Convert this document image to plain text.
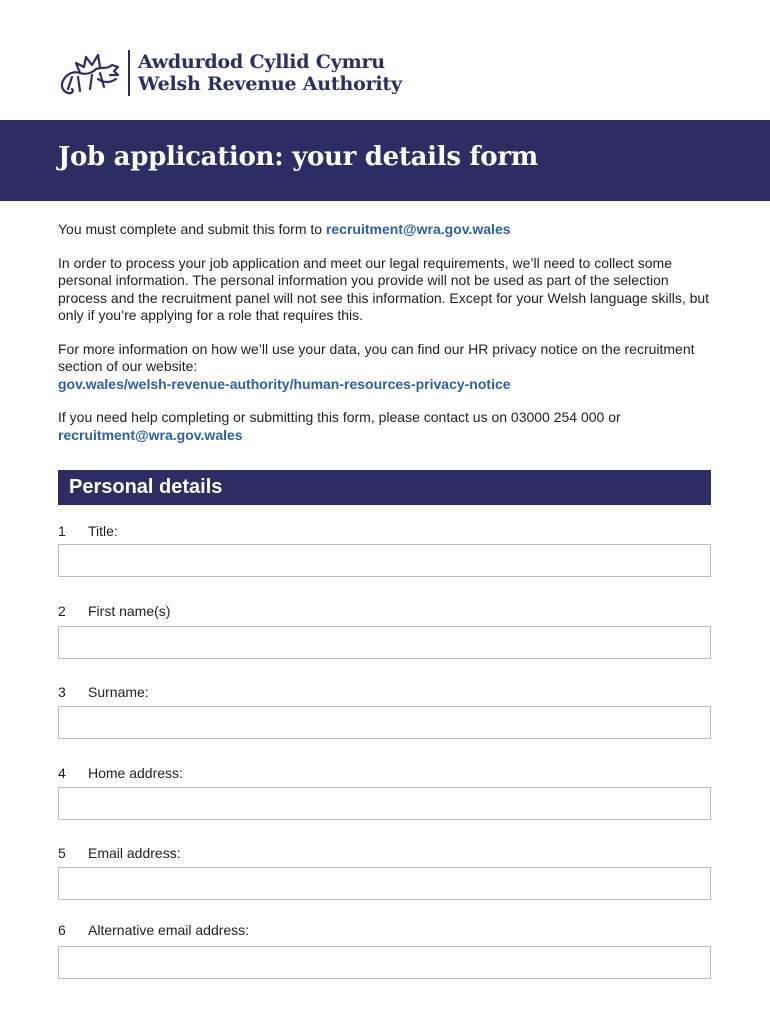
Awdurdod Cyllid Cymru
Welsh Revenue Authority
Job application: your details form

You must complete and submit this form to recruitment@wra.gov.wales

In order to process your job application and meet our legal requirements, we’ll need to collect some personal information. The personal information you provide will not be used as part of the selection process and the recruitment panel will not see this information. Except for your Welsh language skills, but only if you’re applying for a role that requires this.

For more information on how we’ll use your data, you can find our HR privacy notice on the recruitment section of our website:
gov.wales/welsh-revenue-authority/human-resources-privacy-notice

If you need help completing or submitting this form, please contact us on 03000 254 000 or
recruitment@wra.gov.wales

Personal details
1 Title:
2 First name(s)
3 Surname:
4 Home address:
5 Email address:
6 Alternative email address:
